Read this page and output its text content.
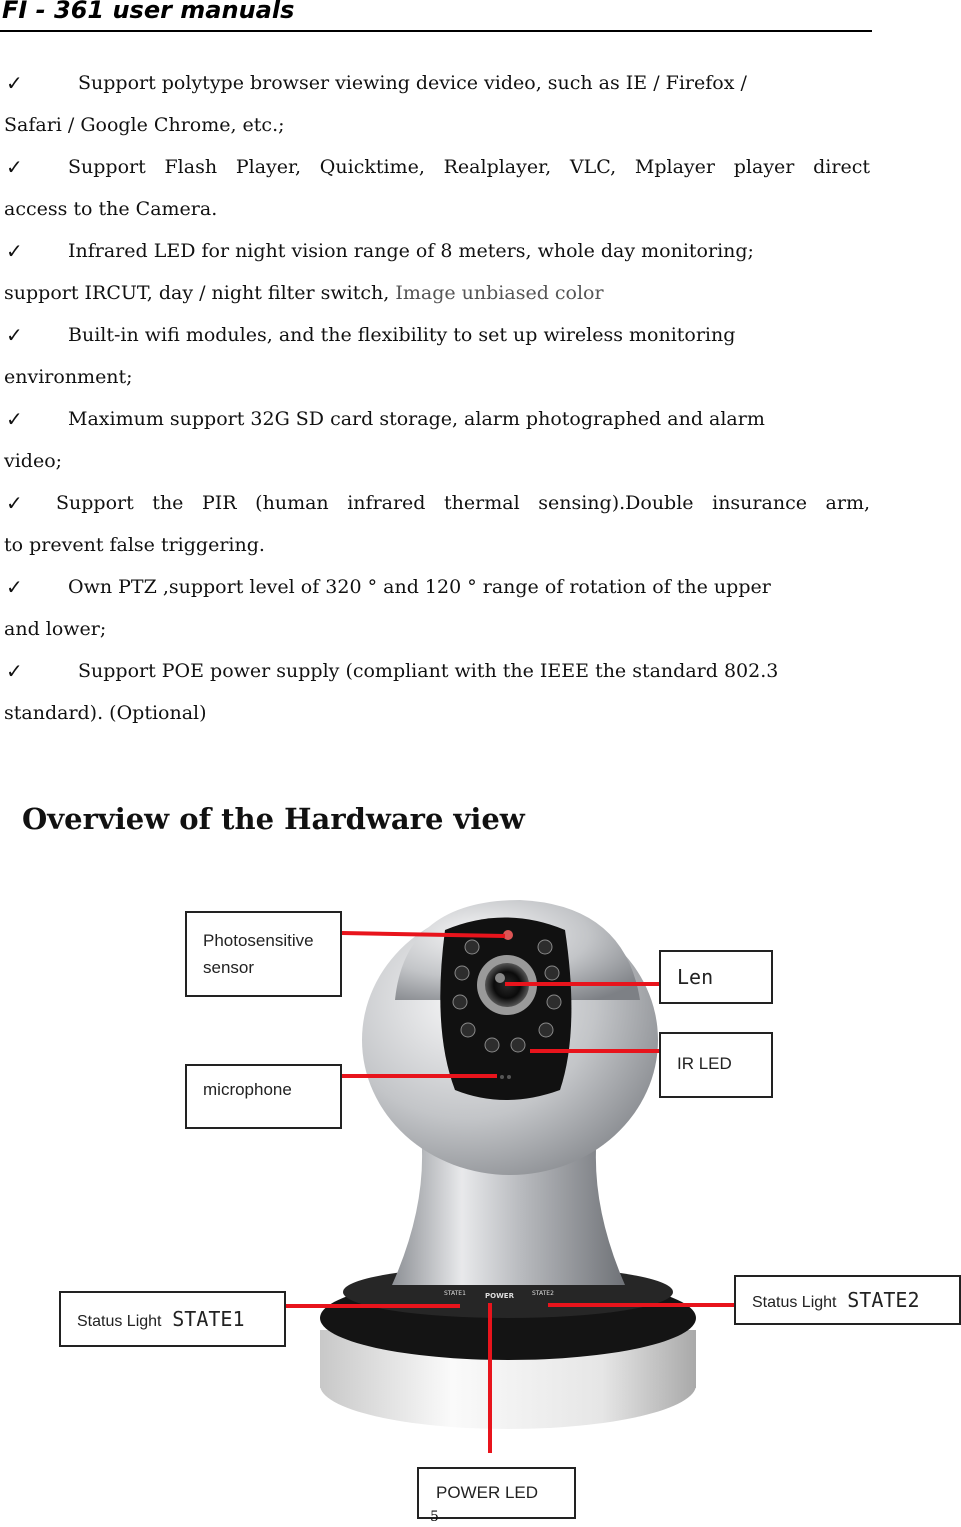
FI - 361 user manuals
✓	Support polytype browser viewing device video, such as IE / Firefox /
Safari / Google Chrome, etc.;
✓	Support Flash Player, Quicktime, Realplayer, VLC, Mplayer player direct
access to the Camera.
✓	Infrared LED for night vision range of 8 meters, whole day monitoring;
support IRCUT, day / night filter switch, Image unbiased color
✓	Built-in wifi modules, and the flexibility to set up wireless monitoring
environment;
✓	Maximum support 32G SD card storage, alarm photographed and alarm
video;
✓	Support the PIR (human infrared thermal sensing).Double insurance arm,
to prevent false triggering.
✓	Own PTZ ,support level of 320 ° and 120 ° range of rotation of the upper
and lower;
✓	Support POE power supply (compliant with the IEEE the standard 802.3
standard). (Optional)
Overview of the Hardware view
STATE1	POWER	STATE2
Photosensitive
sensor
microphone
Len
IR LED
Status Light STATE1
Status Light STATE2
POWER LED
5
